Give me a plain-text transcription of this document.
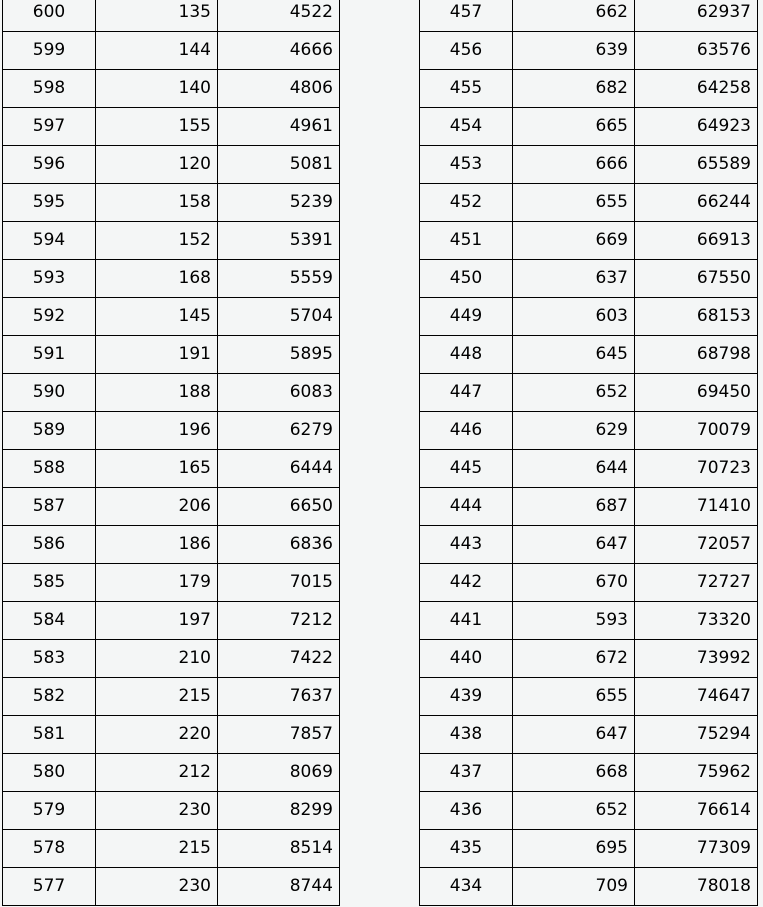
600	135	4522
599	144	4666
598	140	4806
597	155	4961
596	120	5081
595	158	5239
594	152	5391
593	168	5559
592	145	5704
591	191	5895
590	188	6083
589	196	6279
588	165	6444
587	206	6650
586	186	6836
585	179	7015
584	197	7212
583	210	7422
582	215	7637
581	220	7857
580	212	8069
579	230	8299
578	215	8514
577	230	8744
457	662	62937
456	639	63576
455	682	64258
454	665	64923
453	666	65589
452	655	66244
451	669	66913
450	637	67550
449	603	68153
448	645	68798
447	652	69450
446	629	70079
445	644	70723
444	687	71410
443	647	72057
442	670	72727
441	593	73320
440	672	73992
439	655	74647
438	647	75294
437	668	75962
436	652	76614
435	695	77309
434	709	78018
